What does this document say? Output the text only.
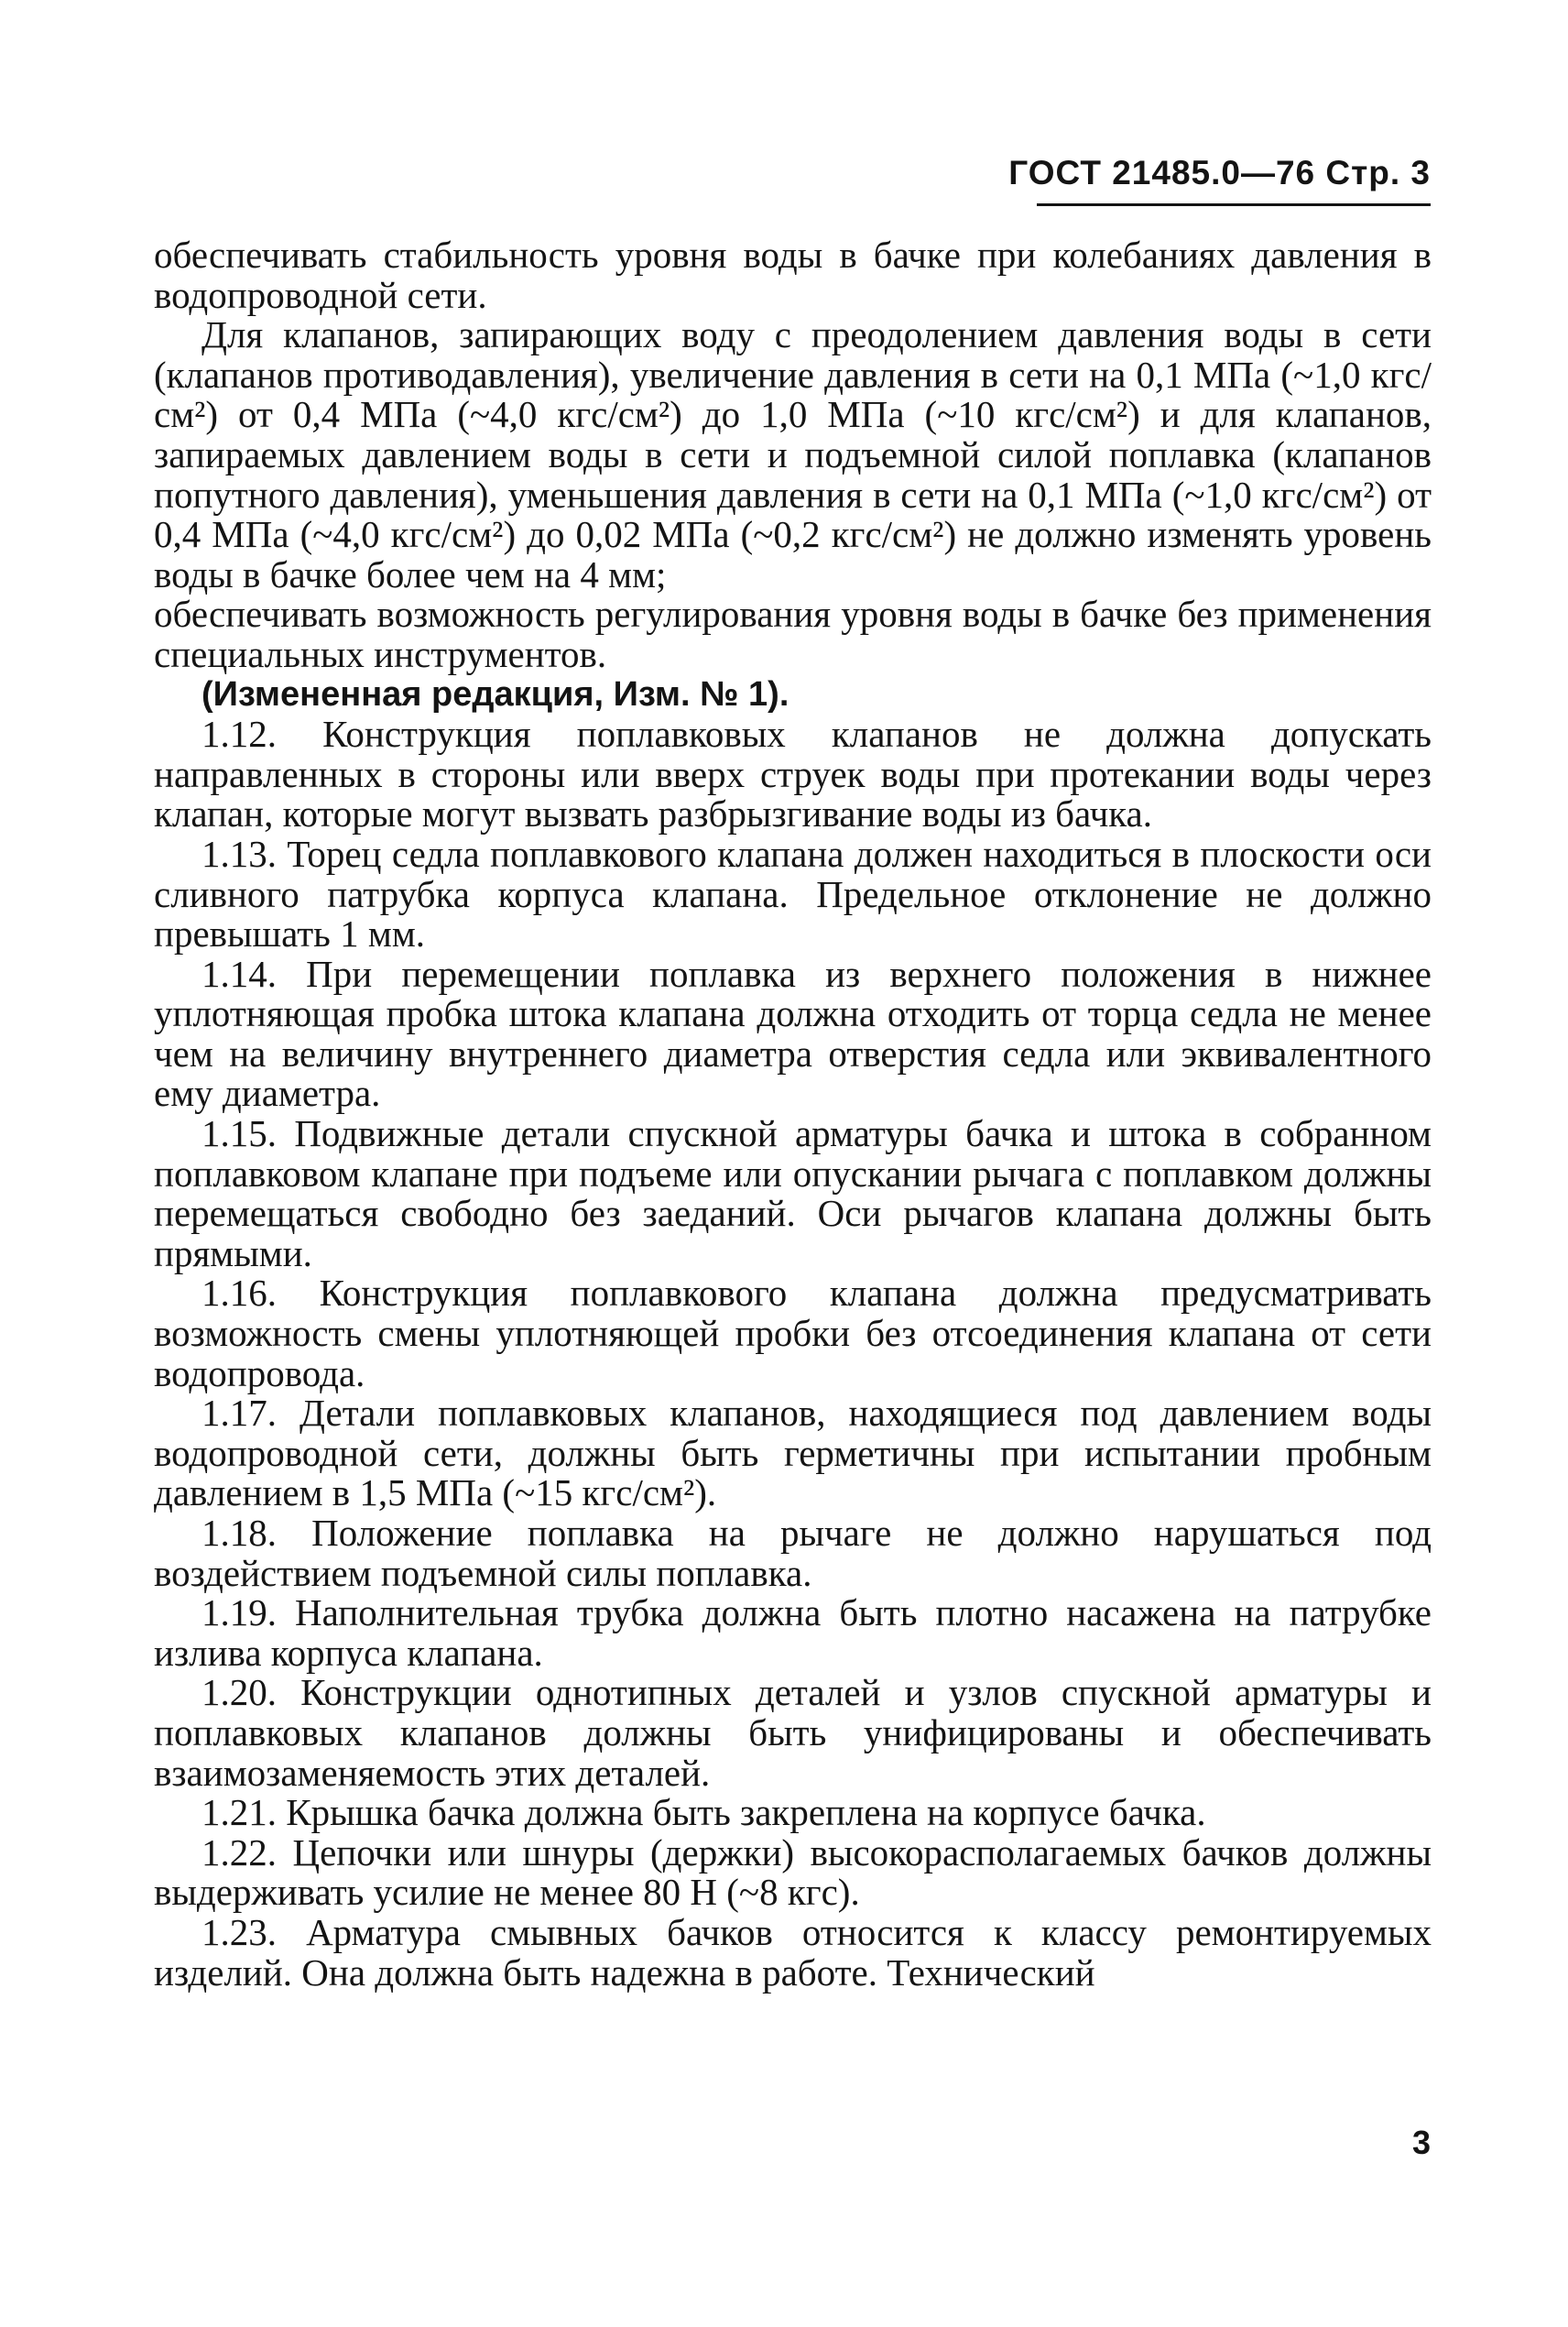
ГОСТ 21485.0—76 Стр. 3

обеспечивать стабильность уровня воды в бачке при колебаниях давления в водопроводной сети.

Для клапанов, запирающих воду с преодолением давления воды в сети (клапанов противодавления), увеличение давления в сети на 0,1 МПа (~1,0 кгс/см²) от 0,4 МПа (~4,0 кгс/см²) до 1,0 МПа (~10 кгс/см²) и для клапанов, запираемых давлением воды в сети и подъемной силой поплавка (клапанов попутного давления), уменьшения давления в сети на 0,1 МПа (~1,0 кгс/см²) от 0,4 МПа (~4,0 кгс/см²) до 0,02 МПа (~0,2 кгс/см²) не должно изменять уровень воды в бачке более чем на 4 мм;

обеспечивать возможность регулирования уровня воды в бачке без применения специальных инструментов.

(Измененная редакция, Изм. № 1).

1.12. Конструкция поплавковых клапанов не должна допускать направленных в стороны или вверх струек воды при протекании воды через клапан, которые могут вызвать разбрызгивание воды из бачка.

1.13. Торец седла поплавкового клапана должен находиться в плоскости оси сливного патрубка корпуса клапана. Предельное отклонение не должно превышать 1 мм.

1.14. При перемещении поплавка из верхнего положения в нижнее уплотняющая пробка штока клапана должна отходить от торца седла не менее чем на величину внутреннего диаметра отверстия седла или эквивалентного ему диаметра.

1.15. Подвижные детали спускной арматуры бачка и штока в собранном поплавковом клапане при подъеме или опускании рычага с поплавком должны перемещаться свободно без заеданий. Оси рычагов клапана должны быть прямыми.

1.16. Конструкция поплавкового клапана должна предусматривать возможность смены уплотняющей пробки без отсоединения клапана от сети водопровода.

1.17. Детали поплавковых клапанов, находящиеся под давлением воды водопроводной сети, должны быть герметичны при испытании пробным давлением в 1,5 МПа (~15 кгс/см²).

1.18. Положение поплавка на рычаге не должно нарушаться под воздействием подъемной силы поплавка.

1.19. Наполнительная трубка должна быть плотно насажена на патрубке излива корпуса клапана.

1.20. Конструкции однотипных деталей и узлов спускной арматуры и поплавковых клапанов должны быть унифицированы и обеспечивать взаимозаменяемость этих деталей.

1.21. Крышка бачка должна быть закреплена на корпусе бачка.

1.22. Цепочки или шнуры (держки) высокорасполагаемых бачков должны выдерживать усилие не менее 80 Н (~8 кгс).

1.23. Арматура смывных бачков относится к классу ремонтируемых изделий. Она должна быть надежна в работе. Технический

3
